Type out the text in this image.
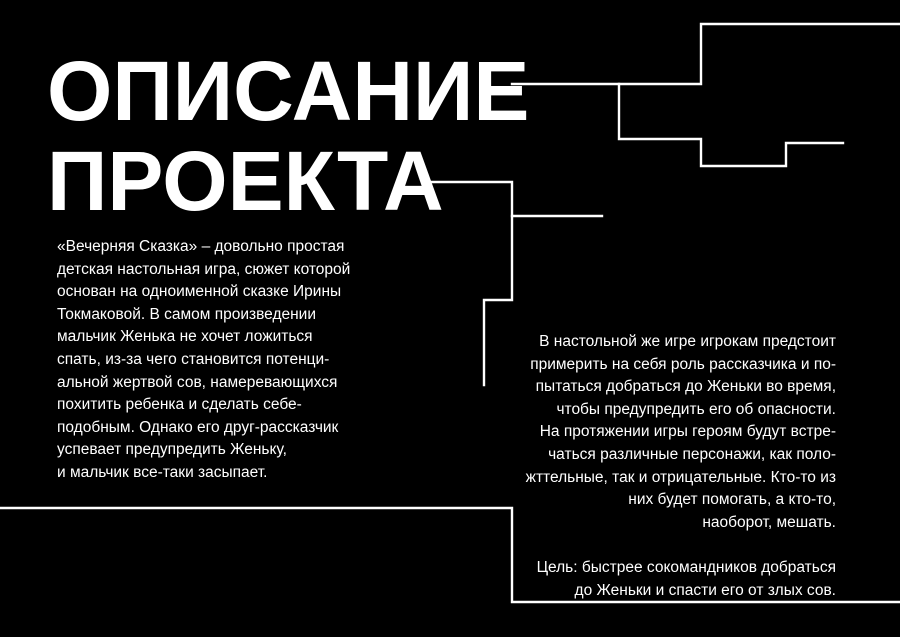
ОПИСАНИЕ
ПРОЕКТА
«Вечерняя Сказка» – довольно простая
детская настольная игра, сюжет которой
основан на одноименной сказке Ирины
Токмаковой. В самом произведении
мальчик Женька не хочет ложиться
спать, из-за чего становится потенци-
альной жертвой сов, намеревающихся
похитить ребенка и сделать себе-
подобным. Однако его друг-рассказчик
успевает предупредить Женьку,
и мальчик все-таки засыпает.
В настольной же игре игрокам предстоит
примерить на себя роль рассказчика и по-
пытаться добраться до Женьки во время,
чтобы предупредить его об опасности.
На протяжении игры героям будут встре-
чаться различные персонажи, как поло-
жттельные, так и отрицательные. Кто-то из
них будет помогать, а кто-то,
наоборот, мешать.
Цель: быстрее сокомандников добраться
до Женьки и спасти его от злых сов.
